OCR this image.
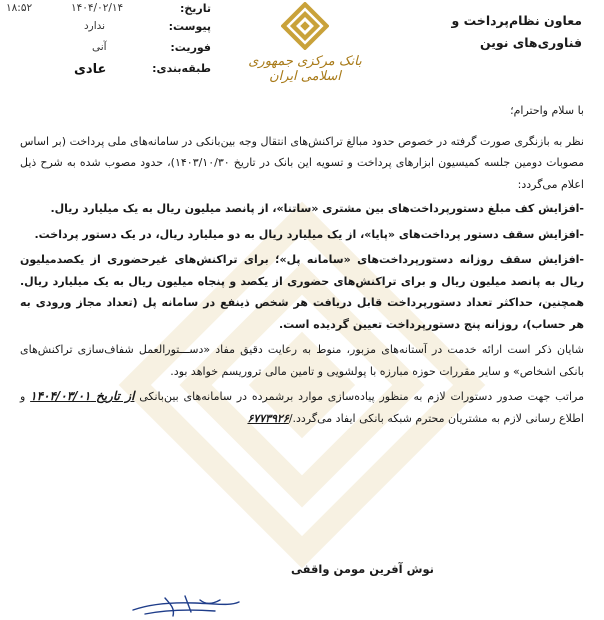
۱۸:۵۲	۱۴۰۴/۰۲/۱۴	تاریخ:
ندارد	پیوست:
آنی	فوریت:
عادی	طبقه‌بندی:	بانک مرکزی جمهوری اسلامی ایران
معاون نظام‌پرداخت و
فناوری‌های نوین

با سلام واحترام؛

نظر به بازنگری صورت گرفته در خصوص حدود مبالغ تراکنش‌های انتقال وجه بین‌بانکی در سامانه‌های ملی پرداخت (بر اساس مصوبات دومین جلسه کمیسیون ابزارهای پرداخت و تسویه این بانک در تاریخ ۱۴۰۳/۱۰/۳۰)، حدود مصوب شده به شرح ذیل اعلام می‌گردد:

-افزایش کف مبلغ دستورپرداخت‌های بین مشتری «ساتنا»، از پانصد میلیون ریال به یک میلیارد ریال.

-افزایش سقف دستور پرداخت‌های «پایا»، از یک میلیارد ریال به دو میلیارد ریال، در یک دستور پرداخت.

-افزایش سقف روزانه دستورپرداخت‌های «سامانه پل»؛ برای تراکنش‌های غیرحضوری از یکصدمیلیون ریال به پانصد میلیون ریال و برای تراکنش‌های حضوری از یکصد و پنجاه میلیون ریال به یک میلیارد ریال. همچنین، حداکثر تعداد دستورپرداخت قابل دریافت هر شخص ذینفع در سامانه پل (تعداد مجاز ورودی به هر حساب)، روزانه پنج دستورپرداخت تعیین گردیده است.

شایان ذکر است ارائه خدمت در آستانه‌های مزبور، منوط به رعایت دقیق مفاد «دســـتورالعمل شفاف‌سازی تراکنش‌های بانکی اشخاص» و سایر مقررات حوزه مبارزه با پولشویی و تامین مالی تروریسم خواهد بود.

مراتب جهت صدور دستورات لازم به منظور پیاده‌سازی موارد برشمرده در سامانه‌های بین‌بانکی از تاریخ ۱۴۰۴/۰۳/۰۱ و اطلاع رسانی لازم به مشتریان محترم شبکه بانکی ایفاد می‌گردد./۶۷۷۳۹۲۶

نوش آفرین مومن واقفی
